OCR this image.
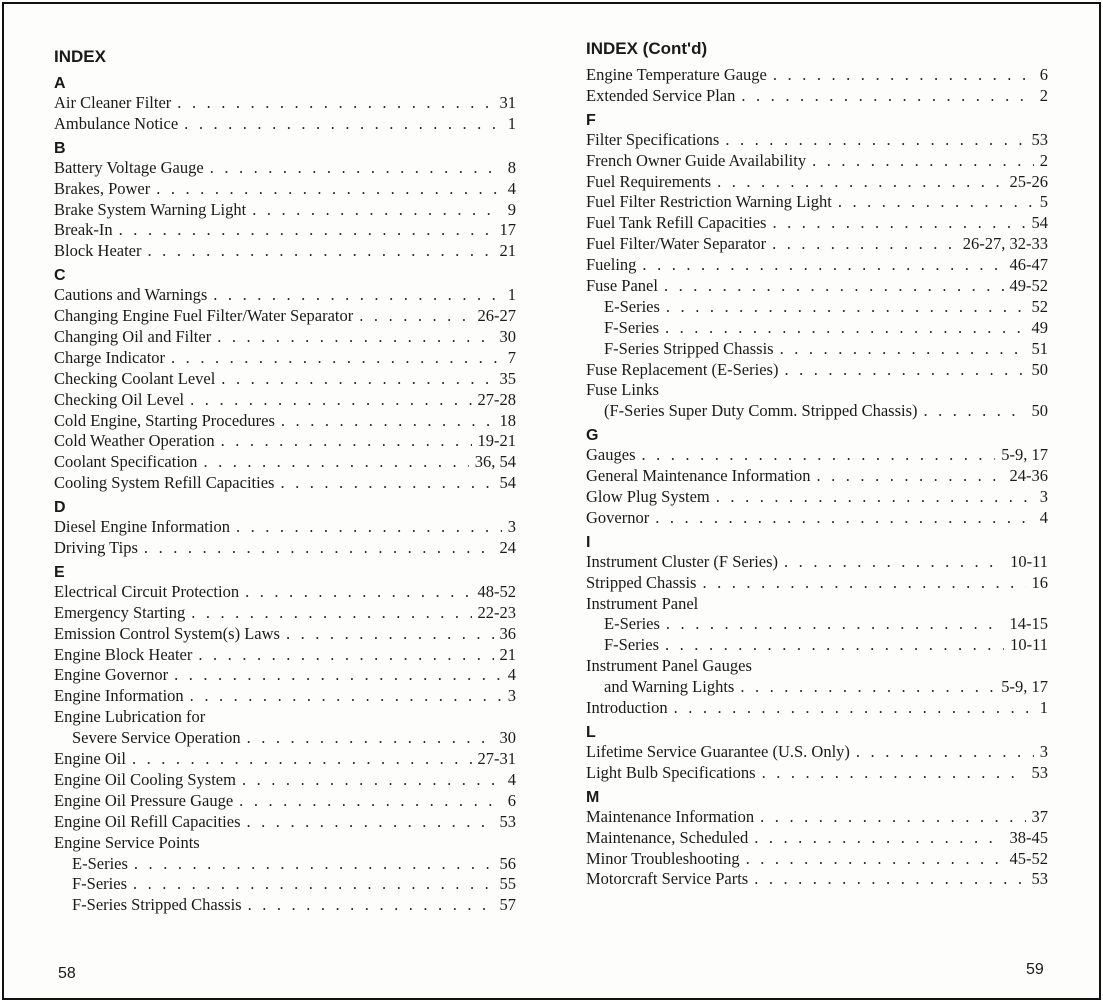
INDEX
A
Air Cleaner Filter . . .	31
Ambulance Notice . . .	1
B
Battery Voltage Gauge . . .	8
Brakes, Power . . .	4
Brake System Warning Light . . .	9
Break-In . . .	17
Block Heater . . .	21
C
Cautions and Warnings . . .	1
Changing Engine Fuel Filter/Water Separator . . .	26-27
Changing Oil and Filter . . .	30
Charge Indicator . . .	7
Checking Coolant Level . . .	35
Checking Oil Level . . .	27-28
Cold Engine, Starting Procedures . . .	18
Cold Weather Operation . . .	19-21
Coolant Specification . . .	36, 54
Cooling System Refill Capacities . . .	54
D
Diesel Engine Information . . .	3
Driving Tips . . .	24
E
Electrical Circuit Protection . . .	48-52
Emergency Starting . . .	22-23
Emission Control System(s) Laws . . .	36
Engine Block Heater . . .	21
Engine Governor . . .	4
Engine Information . . .	3
Engine Lubrication for
Severe Service Operation . . .	30
Engine Oil . . .	27-31
Engine Oil Cooling System . . .	4
Engine Oil Pressure Gauge . . .	6
Engine Oil Refill Capacities . . .	53
Engine Service Points
E-Series . . .	56
F-Series . . .	55
F-Series Stripped Chassis . . .	57
58
INDEX (Cont'd)
Engine Temperature Gauge . . .	6
Extended Service Plan . . .	2
F
Filter Specifications . . .	53
French Owner Guide Availability . . .	2
Fuel Requirements . . .	25-26
Fuel Filter Restriction Warning Light . . .	5
Fuel Tank Refill Capacities . . .	54
Fuel Filter/Water Separator . . .	26-27, 32-33
Fueling . . .	46-47
Fuse Panel . . .	49-52
E-Series . . .	52
F-Series . . .	49
F-Series Stripped Chassis . . .	51
Fuse Replacement (E-Series) . . .	50
Fuse Links
(F-Series Super Duty Comm. Stripped Chassis) . . .	50
G
Gauges . . .	5-9, 17
General Maintenance Information . . .	24-36
Glow Plug System . . .	3
Governor . . .	4
I
Instrument Cluster (F Series) . . .	10-11
Stripped Chassis . . .	16
Instrument Panel
E-Series . . .	14-15
F-Series . . .	10-11
Instrument Panel Gauges
and Warning Lights . . .	5-9, 17
Introduction . . .	1
L
Lifetime Service Guarantee (U.S. Only) . . .	3
Light Bulb Specifications . . .	53
M
Maintenance Information . . .	37
Maintenance, Scheduled . . .	38-45
Minor Troubleshooting . . .	45-52
Motorcraft Service Parts . . .	53
59
